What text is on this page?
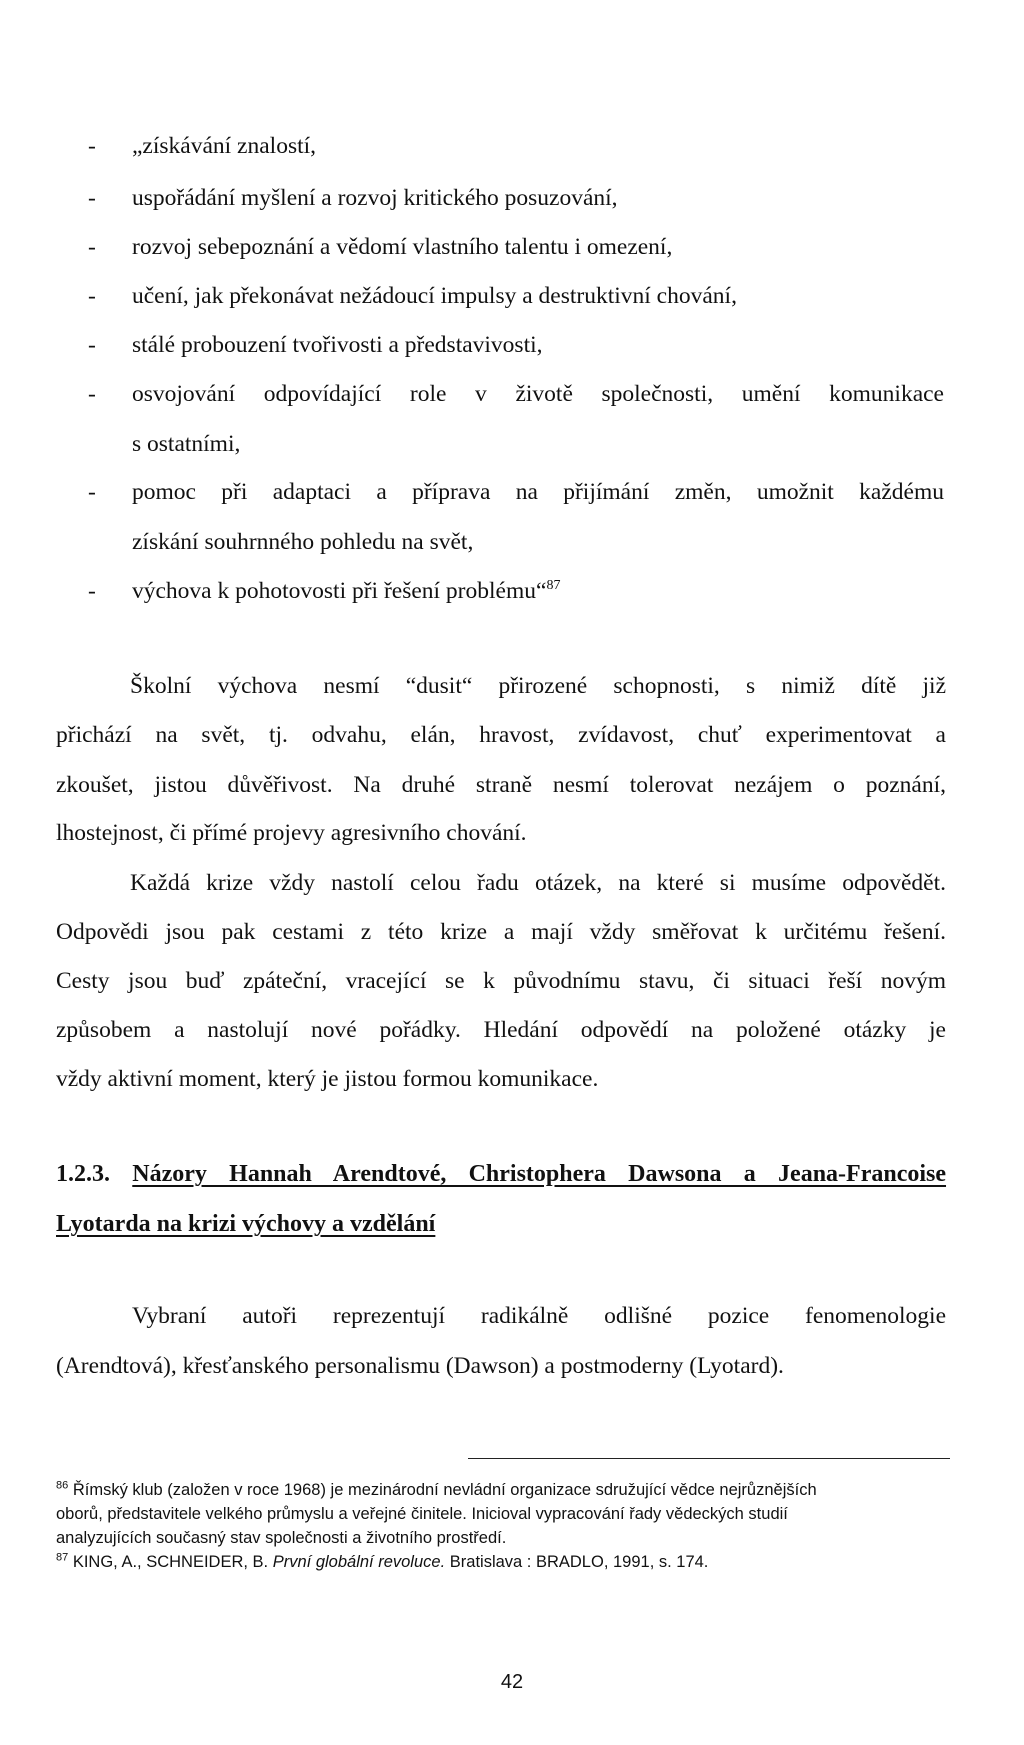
- „získávání znalostí,
- uspořádání myšlení a rozvoj kritického posuzování,
- rozvoj sebepoznání a vědomí vlastního talentu i omezení,
- učení, jak překonávat nežádoucí impulsy a destruktivní chování,
- stálé probouzení tvořivosti a představivosti,
- osvojování odpovídající role v životě společnosti, umění komunikace
s ostatními,
- pomoc při adaptaci a příprava na přijímání změn, umožnit každému
získání souhrnného pohledu na svět,
- výchova k pohotovosti při řešení problému“$^{87}$
Školní výchova nesmí “dusit“ přirozené schopnosti, s nimiž dítě již
přichází na svět, tj. odvahu, elán, hravost, zvídavost, chuť experimentovat a
zkoušet, jistou důvěřivost. Na druhé straně nesmí tolerovat nezájem o poznání,
lhostejnost, či přímé projevy agresivního chování.
Každá krize vždy nastolí celou řadu otázek, na které si musíme odpovědět.
Odpovědi jsou pak cestami z této krize a mají vždy směřovat k určitému řešení.
Cesty jsou buď zpáteční, vracející se k původnímu stavu, či situaci řeší novým
způsobem a nastolují nové pořádky. Hledání odpovědí na položené otázky je
vždy aktivní moment, který je jistou formou komunikace.
1.2.3. Názory Hannah Arendtové, Christophera Dawsona a Jeana-Francoise
Lyotarda na krizi výchovy a vzdělání
Vybraní autoři reprezentují radikálně odlišné pozice fenomenologie
(Arendtová), křesťanského personalismu (Dawson) a postmoderny (Lyotard).
$^{86}$ Římský klub (založen v roce 1968) je mezinárodní nevládní organizace sdružující vědce nejrůznějších
oborů, představitele velkého průmyslu a veřejné činitele. Inicioval vypracování řady vědeckých studií
analyzujících současný stav společnosti a životního prostředí.
$^{87}$ KING, A., SCHNEIDER, B. První globální revoluce. Bratislava : BRADLO, 1991, s. 174.
42
